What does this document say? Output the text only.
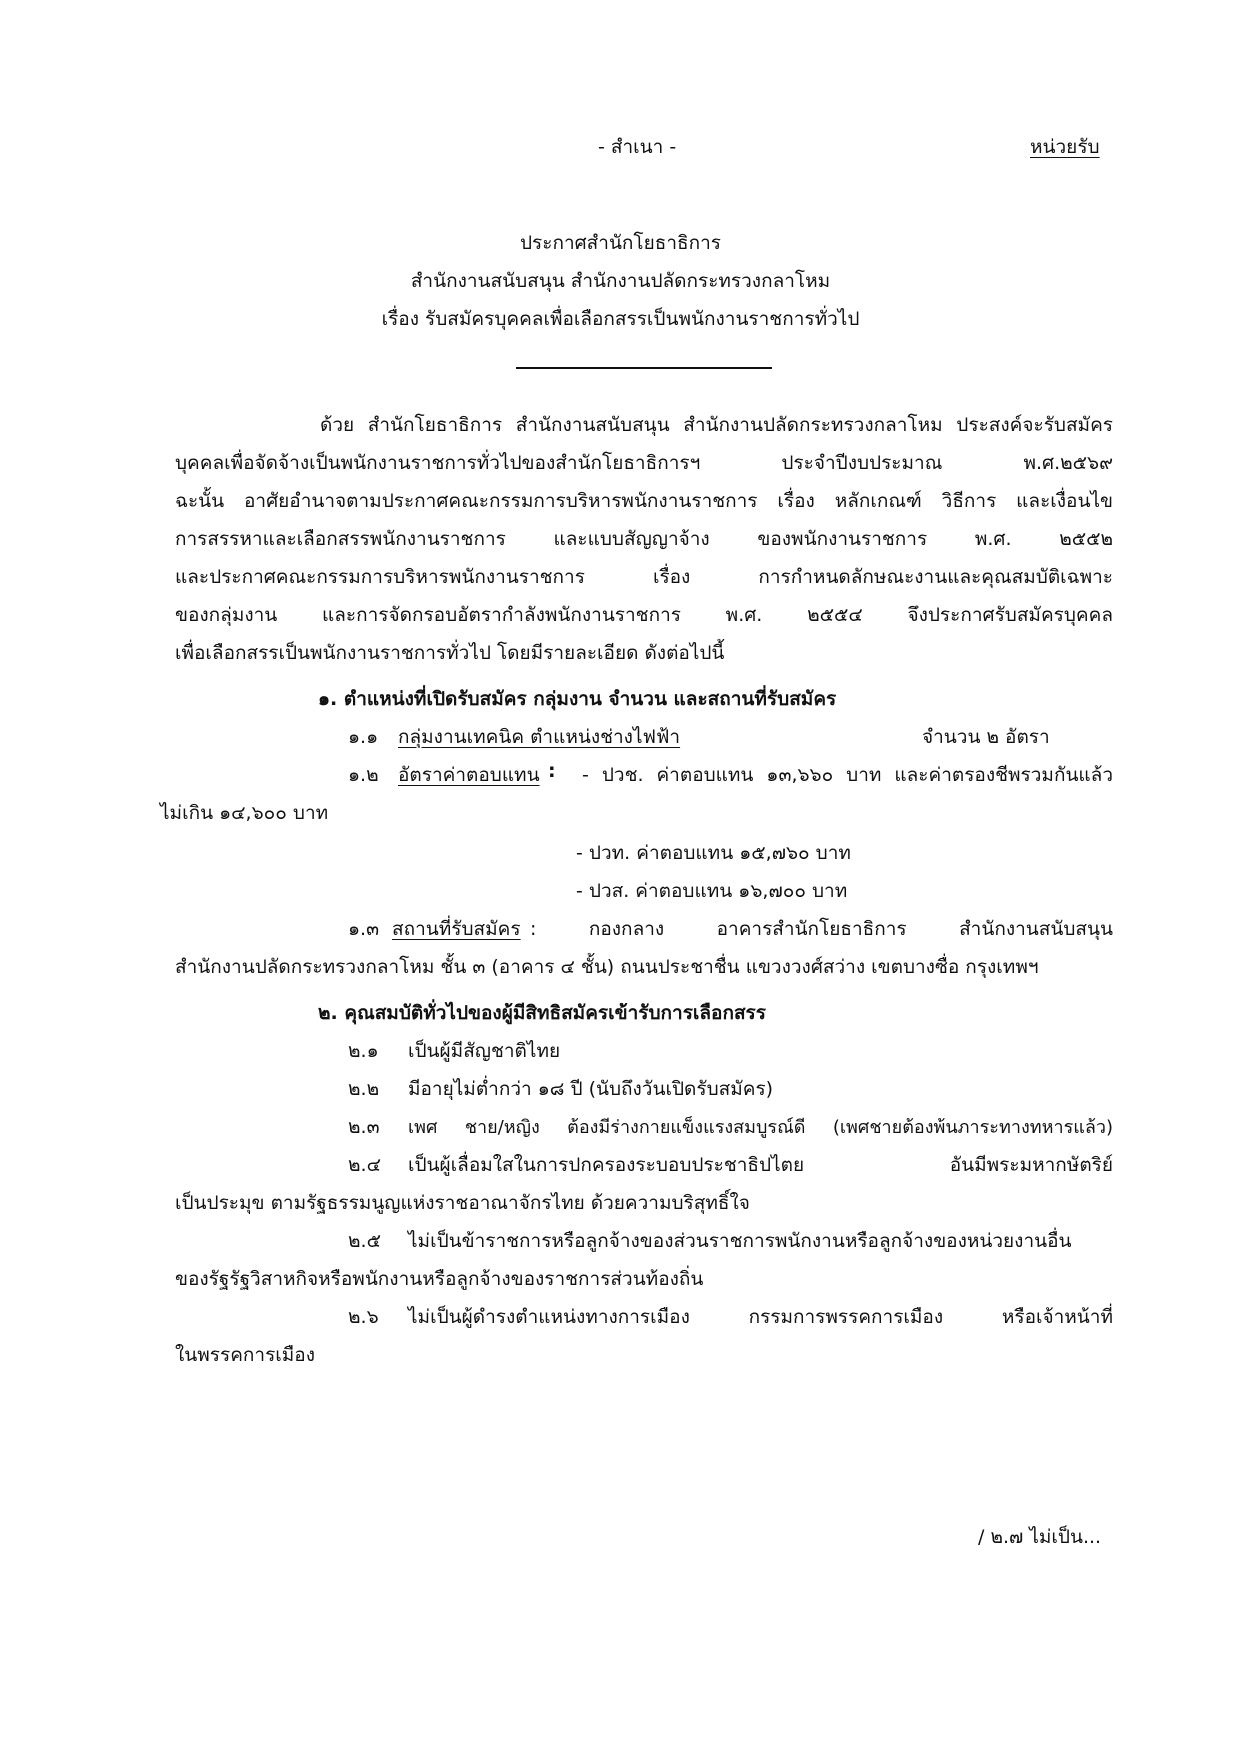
- สำเนา -	หน่วยรับ
ประกาศสำนักโยธาธิการ
สำนักงานสนับสนุน สำนักงานปลัดกระทรวงกลาโหม
เรื่อง รับสมัครบุคคลเพื่อเลือกสรรเป็นพนักงานราชการทั่วไป
ด้วย สำนักโยธาธิการ สำนักงานสนับสนุน สำนักงานปลัดกระทรวงกลาโหม ประสงค์จะรับสมัคร
บุคคลเพื่อจัดจ้างเป็นพนักงานราชการทั่วไปของสำนักโยธาธิการฯ ประจำปีงบประมาณ พ.ศ.๒๕๖๙
ฉะนั้น อาศัยอำนาจตามประกาศคณะกรรมการบริหารพนักงานราชการ เรื่อง หลักเกณฑ์ วิธีการ และเงื่อนไข
การสรรหาและเลือกสรรพนักงานราชการ และแบบสัญญาจ้าง ของพนักงานราชการ พ.ศ. ๒๕๕๒
และประกาศคณะกรรมการบริหารพนักงานราชการ เรื่อง การกำหนดลักษณะงานและคุณสมบัติเฉพาะ
ของกลุ่มงาน และการจัดกรอบอัตรากำลังพนักงานราชการ พ.ศ. ๒๕๕๔ จึงประกาศรับสมัครบุคคล
เพื่อเลือกสรรเป็นพนักงานราชการทั่วไป โดยมีรายละเอียด ดังต่อไปนี้
๑. ตำแหน่งที่เปิดรับสมัคร กลุ่มงาน จำนวน และสถานที่รับสมัคร
๑.๑ กลุ่มงานเทคนิค ตำแหน่งช่างไฟฟ้า	จำนวน ๒ อัตรา
๑.๒ อัตราค่าตอบแทน : - ปวช. ค่าตอบแทน ๑๓,๖๖๐ บาท และค่าตรองชีพรวมกันแล้ว
ไม่เกิน ๑๔,๖๐๐ บาท
- ปวท. ค่าตอบแทน ๑๕,๗๖๐ บาท
- ปวส. ค่าตอบแทน ๑๖,๗๐๐ บาท
๑.๓ สถานที่รับสมัคร : กองกลาง อาคารสำนักโยธาธิการ สำนักงานสนับสนุน
สำนักงานปลัดกระทรวงกลาโหม ชั้น ๓ (อาคาร ๔ ชั้น) ถนนประชาชื่น แขวงวงศ์สว่าง เขตบางซื่อ กรุงเทพฯ
๒. คุณสมบัติทั่วไปของผู้มีสิทธิสมัครเข้ารับการเลือกสรร
๒.๑ เป็นผู้มีสัญชาติไทย
๒.๒ มีอายุไม่ต่ำกว่า ๑๘ ปี (นับถึงวันเปิดรับสมัคร)
๒.๓ เพศ ชาย/หญิง ต้องมีร่างกายแข็งแรงสมบูรณ์ดี (เพศชายต้องพ้นภาระทางทหารแล้ว)
๒.๔ เป็นผู้เลื่อมใสในการปกครองระบอบประชาธิปไตย อันมีพระมหากษัตริย์
เป็นประมุข ตามรัฐธรรมนูญแห่งราชอาณาจักรไทย ด้วยความบริสุทธิ์ใจ
๒.๕ ไม่เป็นข้าราชการหรือลูกจ้างของส่วนราชการพนักงานหรือลูกจ้างของหน่วยงานอื่น
ของรัฐรัฐวิสาหกิจหรือพนักงานหรือลูกจ้างของราชการส่วนท้องถิ่น
๒.๖ ไม่เป็นผู้ดำรงตำแหน่งทางการเมือง กรรมการพรรคการเมือง หรือเจ้าหน้าที่
ในพรรคการเมือง
/ ๒.๗ ไม่เป็น...
